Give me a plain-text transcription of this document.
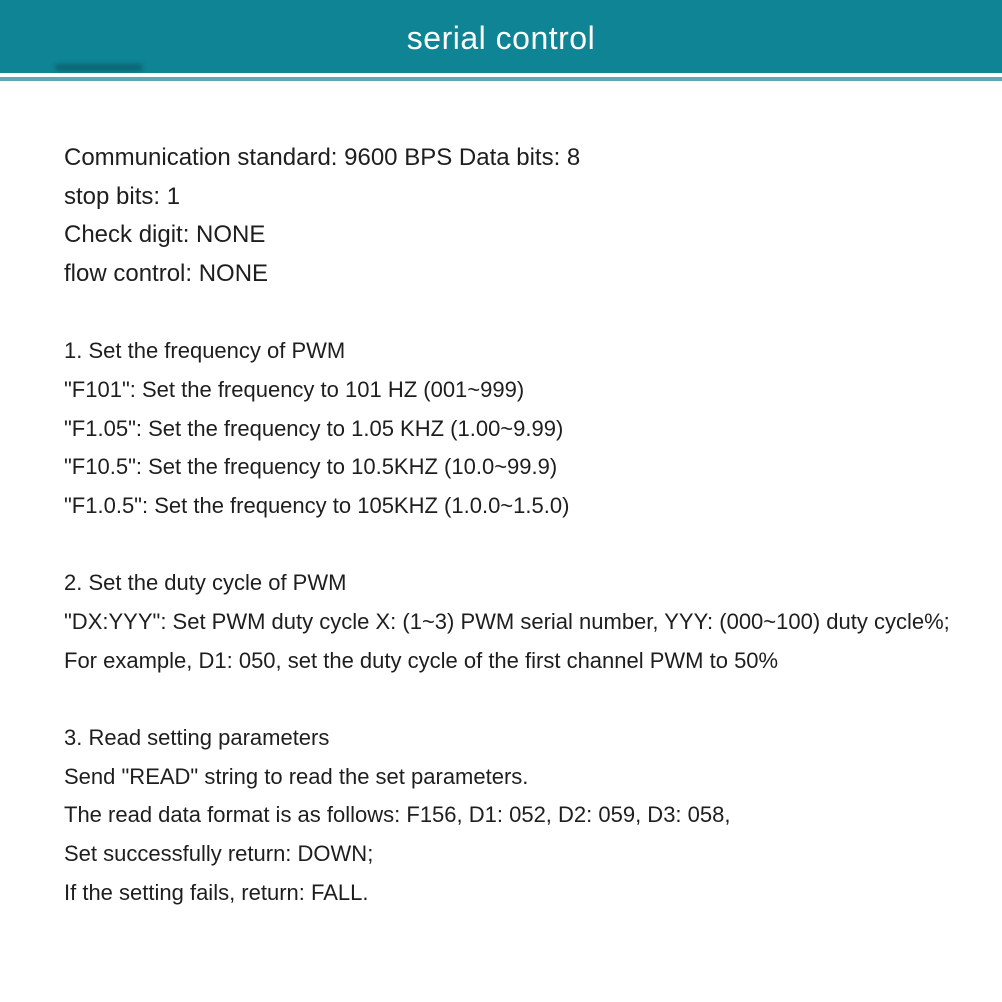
serial control
Communication standard: 9600 BPS Data bits: 8
stop bits: 1
Check digit: NONE
flow control: NONE
1. Set the frequency of PWM
"F101": Set the frequency to 101 HZ (001~999)
"F1.05": Set the frequency to 1.05 KHZ (1.00~9.99)
"F10.5": Set the frequency to 10.5KHZ (10.0~99.9)
"F1.0.5": Set the frequency to 105KHZ (1.0.0~1.5.0)
2. Set the duty cycle of PWM
"DX:YYY": Set PWM duty cycle X: (1~3) PWM serial number, YYY: (000~100) duty cycle%;
For example, D1: 050, set the duty cycle of the first channel PWM to 50%
3. Read setting parameters
Send "READ" string to read the set parameters.
The read data format is as follows: F156, D1: 052, D2: 059, D3: 058,
Set successfully return: DOWN;
If the setting fails, return: FALL.
